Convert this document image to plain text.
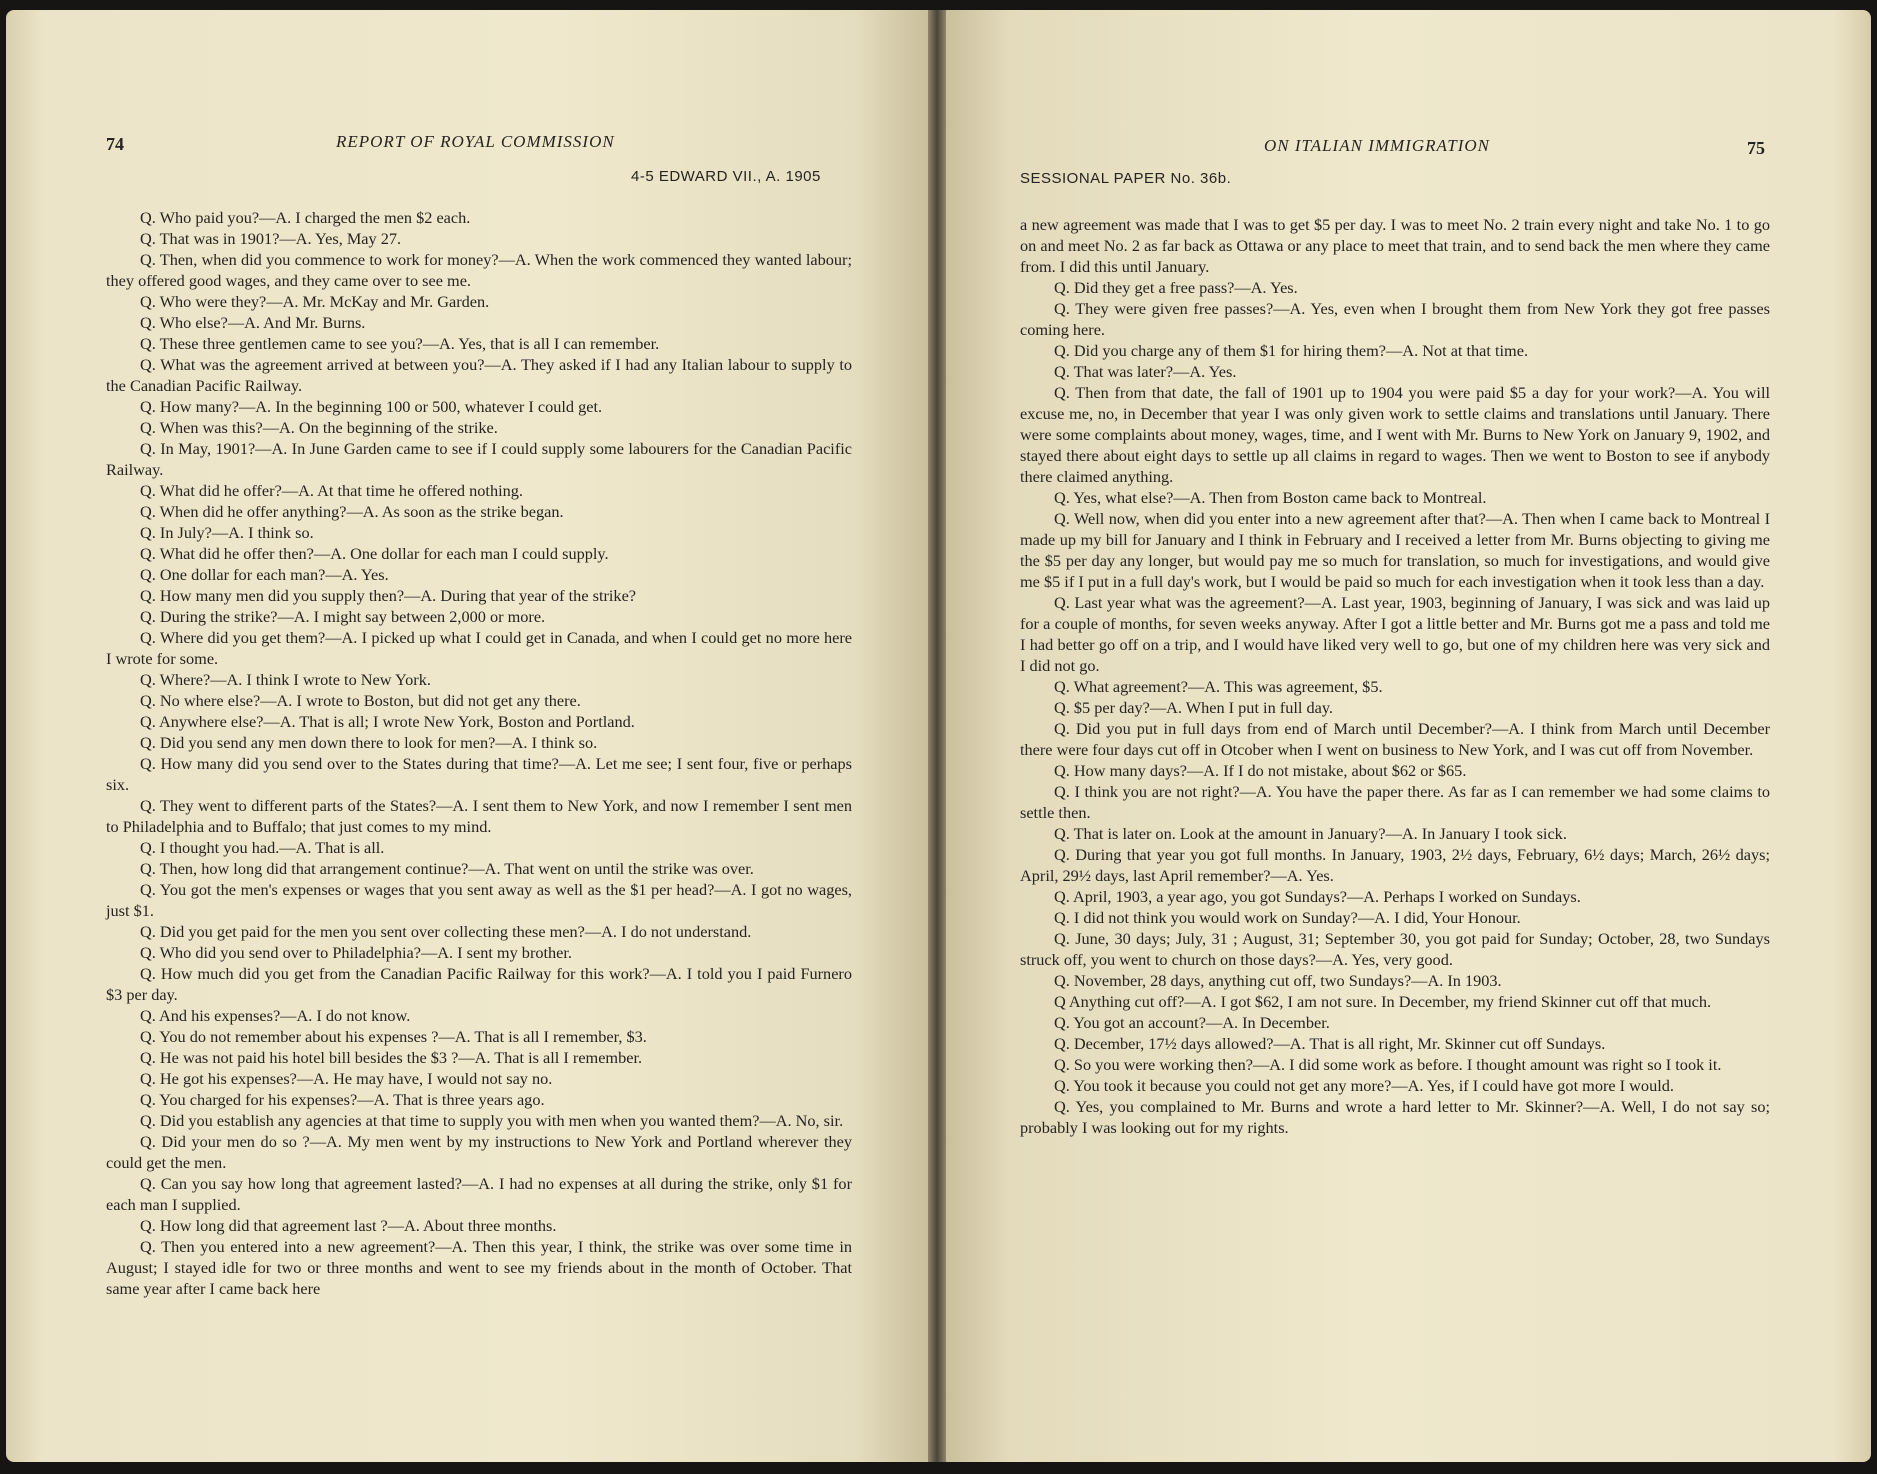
74	REPORT OF ROYAL COMMISSION
4-5 EDWARD VII., A. 1905

Q. Who paid you?—A. I charged the men $2 each.

Q. That was in 1901?—A. Yes, May 27.

Q. Then, when did you commence to work for money?—A. When the work commenced they wanted labour; they offered good wages, and they came over to see me.

Q. Who were they?—A. Mr. McKay and Mr. Garden.

Q. Who else?—A. And Mr. Burns.

Q. These three gentlemen came to see you?—A. Yes, that is all I can remember.

Q. What was the agreement arrived at between you?—A. They asked if I had any Italian labour to supply to the Canadian Pacific Railway.

Q. How many?—A. In the beginning 100 or 500, whatever I could get.

Q. When was this?—A. On the beginning of the strike.

Q. In May, 1901?—A. In June Garden came to see if I could supply some labourers for the Canadian Pacific Railway.

Q. What did he offer?—A. At that time he offered nothing.

Q. When did he offer anything?—A. As soon as the strike began.

Q. In July?—A. I think so.

Q. What did he offer then?—A. One dollar for each man I could supply.

Q. One dollar for each man?—A. Yes.

Q. How many men did you supply then?—A. During that year of the strike?

Q. During the strike?—A. I might say between 2,000 or more.

Q. Where did you get them?—A. I picked up what I could get in Canada, and when I could get no more here I wrote for some.

Q. Where?—A. I think I wrote to New York.

Q. No where else?—A. I wrote to Boston, but did not get any there.

Q. Anywhere else?—A. That is all; I wrote New York, Boston and Portland.

Q. Did you send any men down there to look for men?—A. I think so.

Q. How many did you send over to the States during that time?—A. Let me see; I sent four, five or perhaps six.

Q. They went to different parts of the States?—A. I sent them to New York, and now I remember I sent men to Philadelphia and to Buffalo; that just comes to my mind.

Q. I thought you had.—A. That is all.

Q. Then, how long did that arrangement continue?—A. That went on until the strike was over.

Q. You got the men's expenses or wages that you sent away as well as the $1 per head?—A. I got no wages, just $1.

Q. Did you get paid for the men you sent over collecting these men?—A. I do not understand.

Q. Who did you send over to Philadelphia?—A. I sent my brother.

Q. How much did you get from the Canadian Pacific Railway for this work?—A. I told you I paid Furnero $3 per day.

Q. And his expenses?—A. I do not know.

Q. You do not remember about his expenses ?—A. That is all I remember, $3.

Q. He was not paid his hotel bill besides the $3 ?—A. That is all I remember.

Q. He got his expenses?—A. He may have, I would not say no.

Q. You charged for his expenses?—A. That is three years ago.

Q. Did you establish any agencies at that time to supply you with men when you wanted them?—A. No, sir.

Q. Did your men do so ?—A. My men went by my instructions to New York and Portland wherever they could get the men.

Q. Can you say how long that agreement lasted?—A. I had no expenses at all during the strike, only $1 for each man I supplied.

Q. How long did that agreement last ?—A. About three months.

Q. Then you entered into a new agreement?—A. Then this year, I think, the strike was over some time in August; I stayed idle for two or three months and went to see my friends about in the month of October. That same year after I came back here

ON ITALIAN IMMIGRATION	75
SESSIONAL PAPER No. 36b.

a new agreement was made that I was to get $5 per day. I was to meet No. 2 train every night and take No. 1 to go on and meet No. 2 as far back as Ottawa or any place to meet that train, and to send back the men where they came from. I did this until January.

Q. Did they get a free pass?—A. Yes.

Q. They were given free passes?—A. Yes, even when I brought them from New York they got free passes coming here.

Q. Did you charge any of them $1 for hiring them?—A. Not at that time.

Q. That was later?—A. Yes.

Q. Then from that date, the fall of 1901 up to 1904 you were paid $5 a day for your work?—A. You will excuse me, no, in December that year I was only given work to settle claims and translations until January. There were some complaints about money, wages, time, and I went with Mr. Burns to New York on January 9, 1902, and stayed there about eight days to settle up all claims in regard to wages. Then we went to Boston to see if anybody there claimed anything.

Q. Yes, what else?—A. Then from Boston came back to Montreal.

Q. Well now, when did you enter into a new agreement after that?—A. Then when I came back to Montreal I made up my bill for January and I think in February and I received a letter from Mr. Burns objecting to giving me the $5 per day any longer, but would pay me so much for translation, so much for investigations, and would give me $5 if I put in a full day's work, but I would be paid so much for each investigation when it took less than a day.

Q. Last year what was the agreement?—A. Last year, 1903, beginning of January, I was sick and was laid up for a couple of months, for seven weeks anyway. After I got a little better and Mr. Burns got me a pass and told me I had better go off on a trip, and I would have liked very well to go, but one of my children here was very sick and I did not go.

Q. What agreement?—A. This was agreement, $5.

Q. $5 per day?—A. When I put in full day.

Q. Did you put in full days from end of March until December?—A. I think from March until December there were four days cut off in Otcober when I went on business to New York, and I was cut off from November.

Q. How many days?—A. If I do not mistake, about $62 or $65.

Q. I think you are not right?—A. You have the paper there. As far as I can remember we had some claims to settle then.

Q. That is later on. Look at the amount in January?—A. In January I took sick.

Q. During that year you got full months. In January, 1903, 2½ days, February, 6½ days; March, 26½ days; April, 29½ days, last April remember?—A. Yes.

Q. April, 1903, a year ago, you got Sundays?—A. Perhaps I worked on Sundays.

Q. I did not think you would work on Sunday?—A. I did, Your Honour.

Q. June, 30 days; July, 31 ; August, 31; September 30, you got paid for Sunday; October, 28, two Sundays struck off, you went to church on those days?—A. Yes, very good.

Q. November, 28 days, anything cut off, two Sundays?—A. In 1903.

Q Anything cut off?—A. I got $62, I am not sure. In December, my friend Skinner cut off that much.

Q. You got an account?—A. In December.

Q. December, 17½ days allowed?—A. That is all right, Mr. Skinner cut off Sundays.

Q. So you were working then?—A. I did some work as before. I thought amount was right so I took it.

Q. You took it because you could not get any more?—A. Yes, if I could have got more I would.

Q. Yes, you complained to Mr. Burns and wrote a hard letter to Mr. Skinner?—A. Well, I do not say so; probably I was looking out for my rights.
